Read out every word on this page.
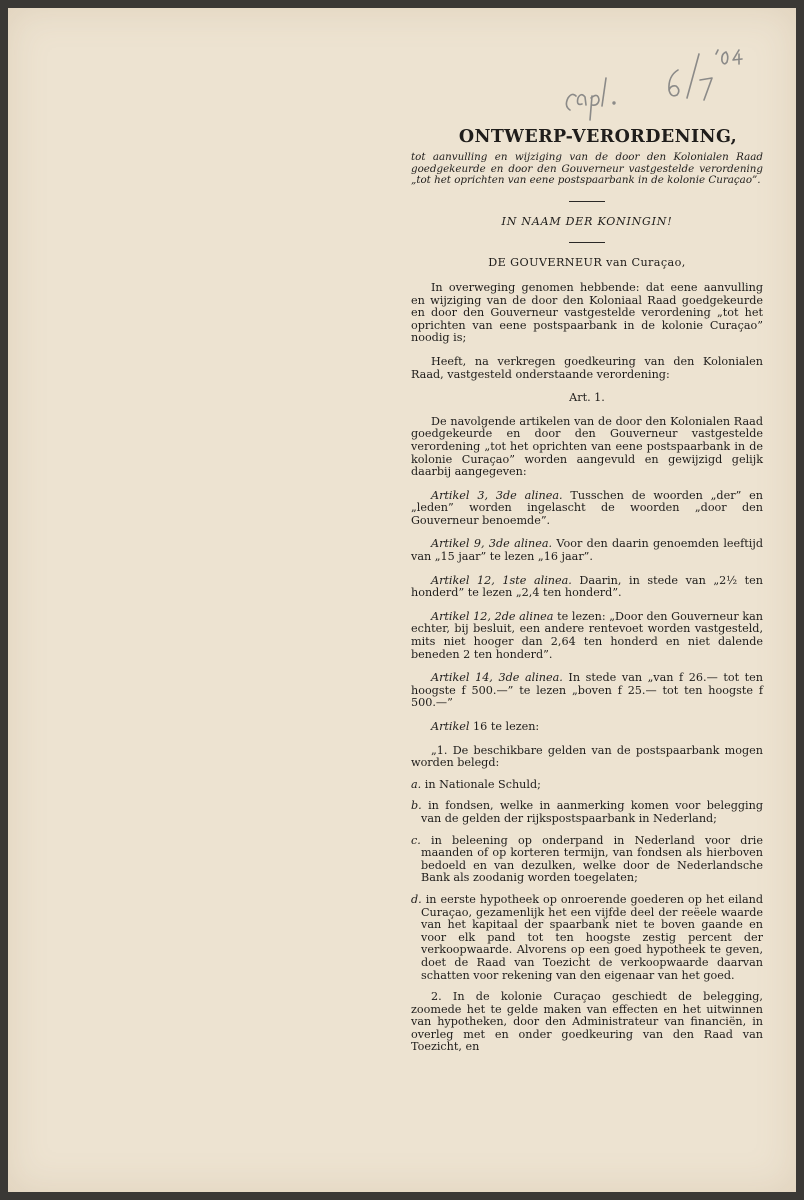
ONTWERP-VERORDENING,
tot aanvulling en wijziging van de door den Kolonialen Raad goedgekeurde en door den Gouverneur vastgestelde verordening „tot het oprichten van eene postspaarbank in de kolonie Curaçao”.

IN NAAM DER KONINGIN!

DE GOUVERNEUR van Curaçao,

In overweging genomen hebbende: dat eene aanvulling en wijziging van de door den Koloniaal Raad goedgekeurde en door den Gouverneur vastgestelde verordening „tot het oprichten van eene postspaarbank in de kolonie Curaçao” noodig is;

Heeft, na verkregen goedkeuring van den Kolonialen Raad, vastgesteld onderstaande verordening:

Art. 1.

De navolgende artikelen van de door den Kolonialen Raad goedgekeurde en door den Gouverneur vastgestelde verordening „tot het oprichten van eene postspaarbank in de kolonie Curaçao” worden aangevuld en gewijzigd gelijk daarbij aangegeven:

Artikel 3, 3de alinea. Tusschen de woorden „der” en „leden” worden ingelascht de woorden „door den Gouverneur benoemde”.

Artikel 9, 3de alinea. Voor den daarin genoemden leeftijd van „15 jaar” te lezen „16 jaar”.

Artikel 12, 1ste alinea. Daarin, in stede van „2½ ten honderd” te lezen „2,4 ten honderd”.

Artikel 12, 2de alinea te lezen: „Door den Gouverneur kan echter, bij besluit, een andere rentevoet worden vastgesteld, mits niet hooger dan 2,64 ten honderd en niet dalende beneden 2 ten honderd”.

Artikel 14, 3de alinea. In stede van „van f 26.— tot ten hoogste f 500.—” te lezen „boven f 25.— tot ten hoogste f 500.—”

Artikel 16 te lezen:

„1. De beschikbare gelden van de postspaarbank mogen worden belegd:

a. in Nationale Schuld;

b. in fondsen, welke in aanmerking komen voor belegging van de gelden der rijkspostspaarbank in Nederland;

c. in beleening op onderpand in Nederland voor drie maanden of op korteren termijn, van fondsen als hierboven bedoeld en van dezulken, welke door de Nederlandsche Bank als zoodanig worden toegelaten;

d. in eerste hypotheek op onroerende goederen op het eiland Curaçao, gezamenlijk het een vijfde deel der reëele waarde van het kapitaal der spaarbank niet te boven gaande en voor elk pand tot ten hoogste zestig percent der verkoopwaarde. Alvorens op een goed hypotheek te geven, doet de Raad van Toezicht de verkoopwaarde daarvan schatten voor rekening van den eigenaar van het goed.

2. In de kolonie Curaçao geschiedt de belegging, zoomede het te gelde maken van effecten en het uitwinnen van hypotheken, door den Administrateur van financiën, in overleg met en onder goedkeuring van den Raad van Toezicht, en
